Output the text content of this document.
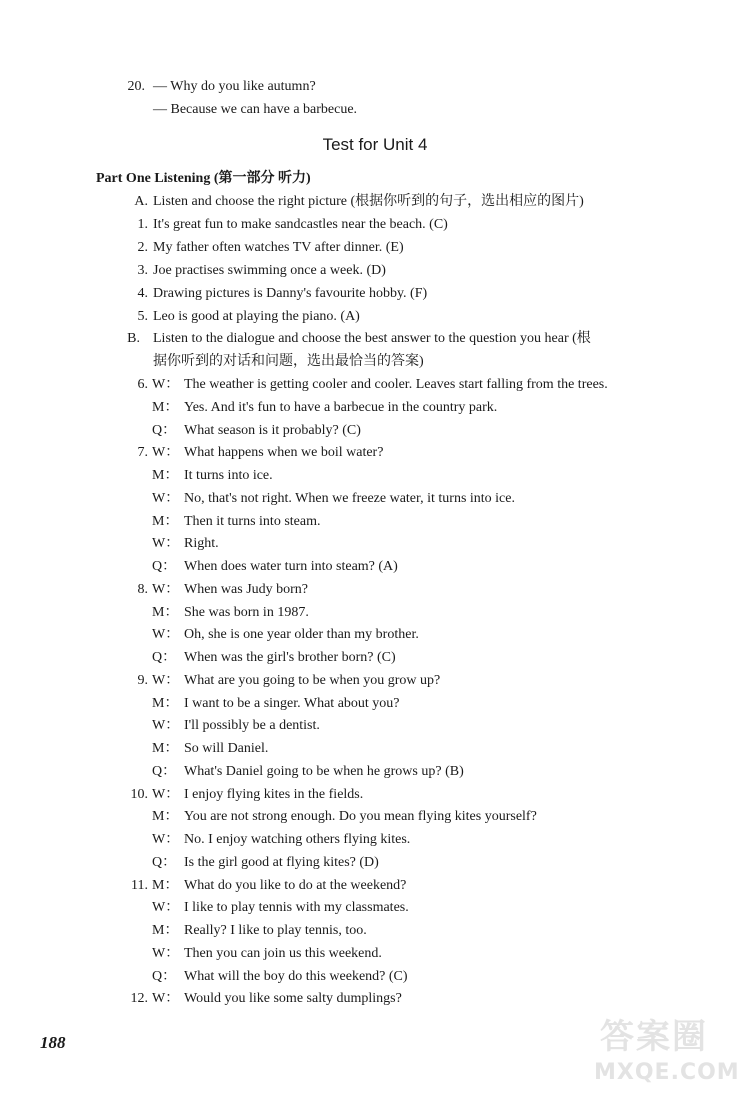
20. — Why do you like autumn?
— Because we can have a barbecue.
Test for Unit 4
Part One Listening (第一部分 听力)
A. Listen and choose the right picture (根据你听到的句子，选出相应的图片)
1. It's great fun to make sandcastles near the beach. (C)
2. My father often watches TV after dinner. (E)
3. Joe practises swimming once a week. (D)
4. Drawing pictures is Danny's favourite hobby. (F)
5. Leo is good at playing the piano. (A)
B. Listen to the dialogue and choose the best answer to the question you hear (根
据你听到的对话和问题，选出最恰当的答案)
6. W： The weather is getting cooler and cooler. Leaves start falling from the trees.
M： Yes. And it's fun to have a barbecue in the country park.
Q： What season is it probably? (C)
7. W： What happens when we boil water?
M： It turns into ice.
W： No, that's not right. When we freeze water, it turns into ice.
M： Then it turns into steam.
W： Right.
Q： When does water turn into steam? (A)
8. W： When was Judy born?
M： She was born in 1987.
W： Oh, she is one year older than my brother.
Q： When was the girl's brother born? (C)
9. W： What are you going to be when you grow up?
M： I want to be a singer. What about you?
W： I'll possibly be a dentist.
M： So will Daniel.
Q： What's Daniel going to be when he grows up? (B)
10. W： I enjoy flying kites in the fields.
M： You are not strong enough. Do you mean flying kites yourself?
W： No. I enjoy watching others flying kites.
Q： Is the girl good at flying kites? (D)
11. M： What do you like to do at the weekend?
W： I like to play tennis with my classmates.
M： Really? I like to play tennis, too.
W： Then you can join us this weekend.
Q： What will the boy do this weekend? (C)
12. W： Would you like some salty dumplings?
188	答案圈
MXQE.COM
